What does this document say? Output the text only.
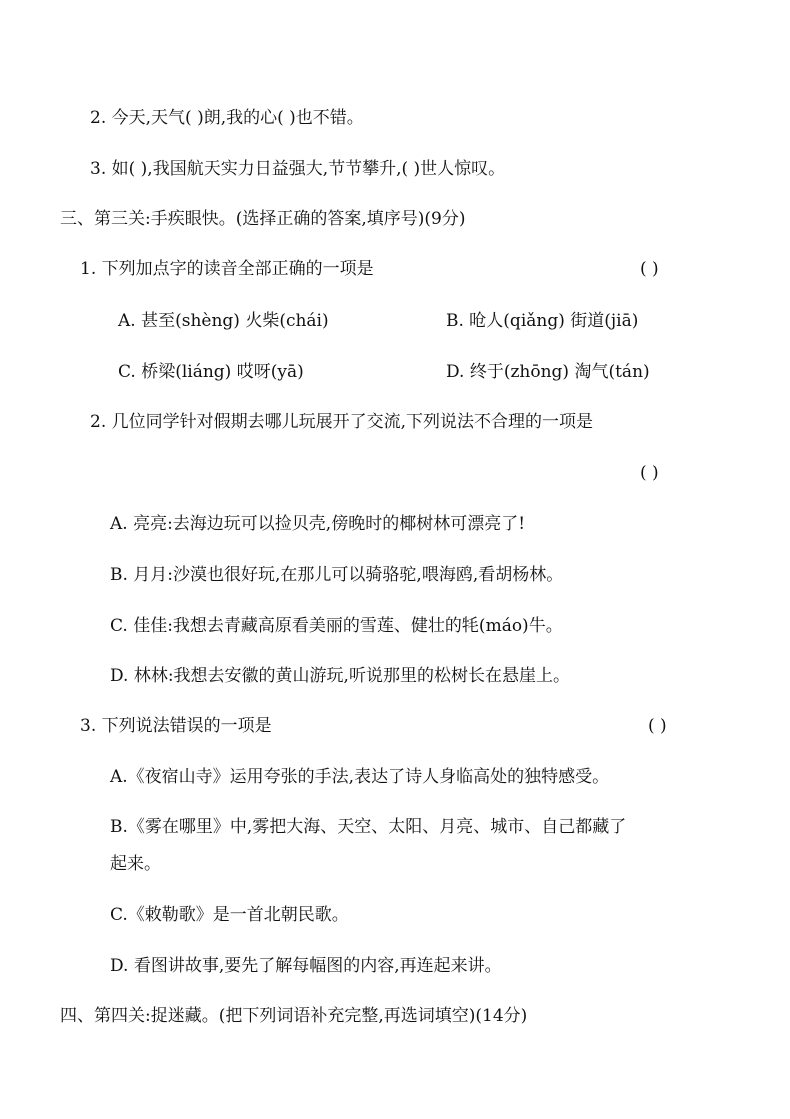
2. 今天,天气( )朗,我的心( )也不错。
3. 如( ),我国航天实力日益强大,节节攀升,( )世人惊叹。
三、第三关:手疾眼快。(选择正确的答案,填序号)(9分)
1. 下列加点字的读音全部正确的一项是	( )
A. 甚至(shèng) 火柴(chái)	B. 呛人(qiǎng) 街道(jiā)
C. 桥梁(liáng) 哎呀(yā)	D. 终于(zhōng) 淘气(tán)
2. 几位同学针对假期去哪儿玩展开了交流,下列说法不合理的一项是
( )
A. 亮亮:去海边玩可以捡贝壳,傍晚时的椰树林可漂亮了!
B. 月月:沙漠也很好玩,在那儿可以骑骆驼,喂海鸥,看胡杨林。
C. 佳佳:我想去青藏高原看美丽的雪莲、健壮的牦(máo)牛。
D. 林林:我想去安徽的黄山游玩,听说那里的松树长在悬崖上。
3. 下列说法错误的一项是	( )
A.《夜宿山寺》运用夸张的手法,表达了诗人身临高处的独特感受。
B.《雾在哪里》中,雾把大海、天空、太阳、月亮、城市、自己都藏了
起来。
C.《敕勒歌》是一首北朝民歌。
D. 看图讲故事,要先了解每幅图的内容,再连起来讲。
四、第四关:捉迷藏。(把下列词语补充完整,再选词填空)(14分)
